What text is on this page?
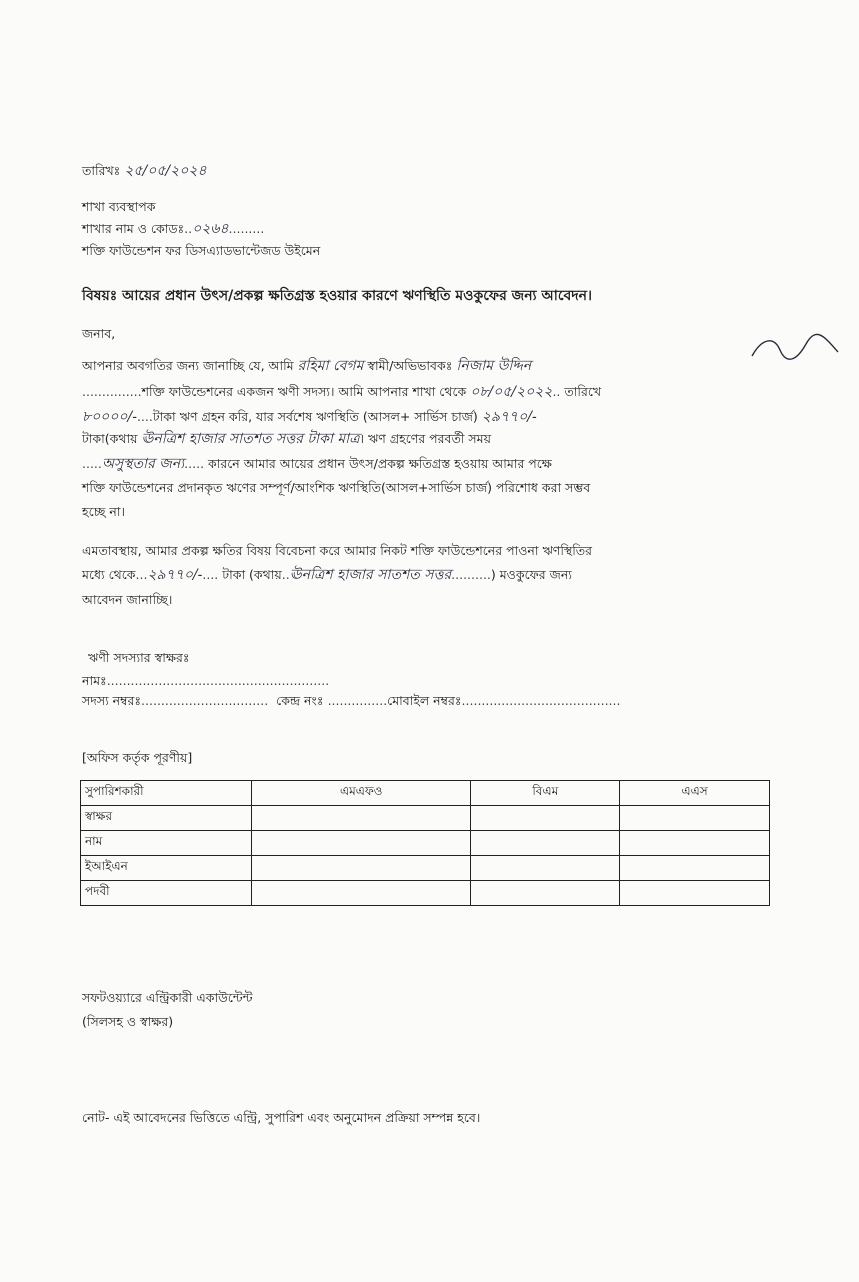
তারিখঃ ২৫/০৫/২০২৪
শাখা ব্যবস্থাপক
শাখার নাম ও কোডঃ..০২৬৪.........
শক্তি ফাউন্ডেশন ফর ডিসএ্যাডভান্টেজড উইমেন
বিষয়ঃ আয়ের প্রধান উৎস/প্রকল্প ক্ষতিগ্রস্ত হওয়ার কারণে ঋণস্থিতি মওকুফের জন্য আবেদন।
জনাব,
আপনার অবগতির জন্য জানাচ্ছি যে, আমি রহিমা বেগম স্বামী/অভিভাবকঃ নিজাম উদ্দিন
...............শক্তি ফাউন্ডেশনের একজন ঋণী সদস্য। আমি আপনার শাখা থেকে ০৮/০৫/২০২২.. তারিখে
৮০০০০/-....টাকা ঋণ গ্রহন করি, যার সর্বশেষ ঋণস্থিতি (আসল+ সার্ভিস চার্জ) ২৯৭৭০/-
টাকা(কথায় ঊনত্রিশ হাজার সাতশত সত্তর টাকা মাত্র। ঋণ গ্রহণের পরবর্তী সময়
.....অসুস্থতার জন্য..... কারনে আমার আয়ের প্রধান উৎস/প্রকল্প ক্ষতিগ্রস্ত হওয়ায় আমার পক্ষে
শক্তি ফাউন্ডেশনের প্রদানকৃত ঋণের সম্পূর্ণ/আংশিক ঋণস্থিতি(আসল+সার্ভিস চার্জ) পরিশোধ করা সম্ভব
হচ্ছে না।
এমতাবস্থায়, আমার প্রকল্প ক্ষতির বিষয় বিবেচনা করে আমার নিকট শক্তি ফাউন্ডেশনের পাওনা ঋণস্থিতির
মধ্যে থেকে...২৯৭৭০/-.... টাকা (কথায়..ঊনত্রিশ হাজার সাতশত সত্তর..........) মওকুফের জন্য
আবেদন জানাচ্ছি।
ঋণী সদস্যার স্বাক্ষরঃ
নামঃ........................................................
সদস্য নম্বরঃ................................ কেন্দ্র নংঃ ...............মোবাইল নম্বরঃ........................................
[অফিস কর্তৃক পূরণীয়]
সুপারিশকারী	এমএফও	বিএম	এএস
স্বাক্ষর			
নাম			
ইআইএন			
পদবী			
সফটওয়্যারে এন্ট্রিকারী একাউন্টেন্ট
(সিলসহ ও স্বাক্ষর)
নোট- এই আবেদনের ভিত্তিতে এন্ট্রি, সুপারিশ এবং অনুমোদন প্রক্রিয়া সম্পন্ন হবে।
